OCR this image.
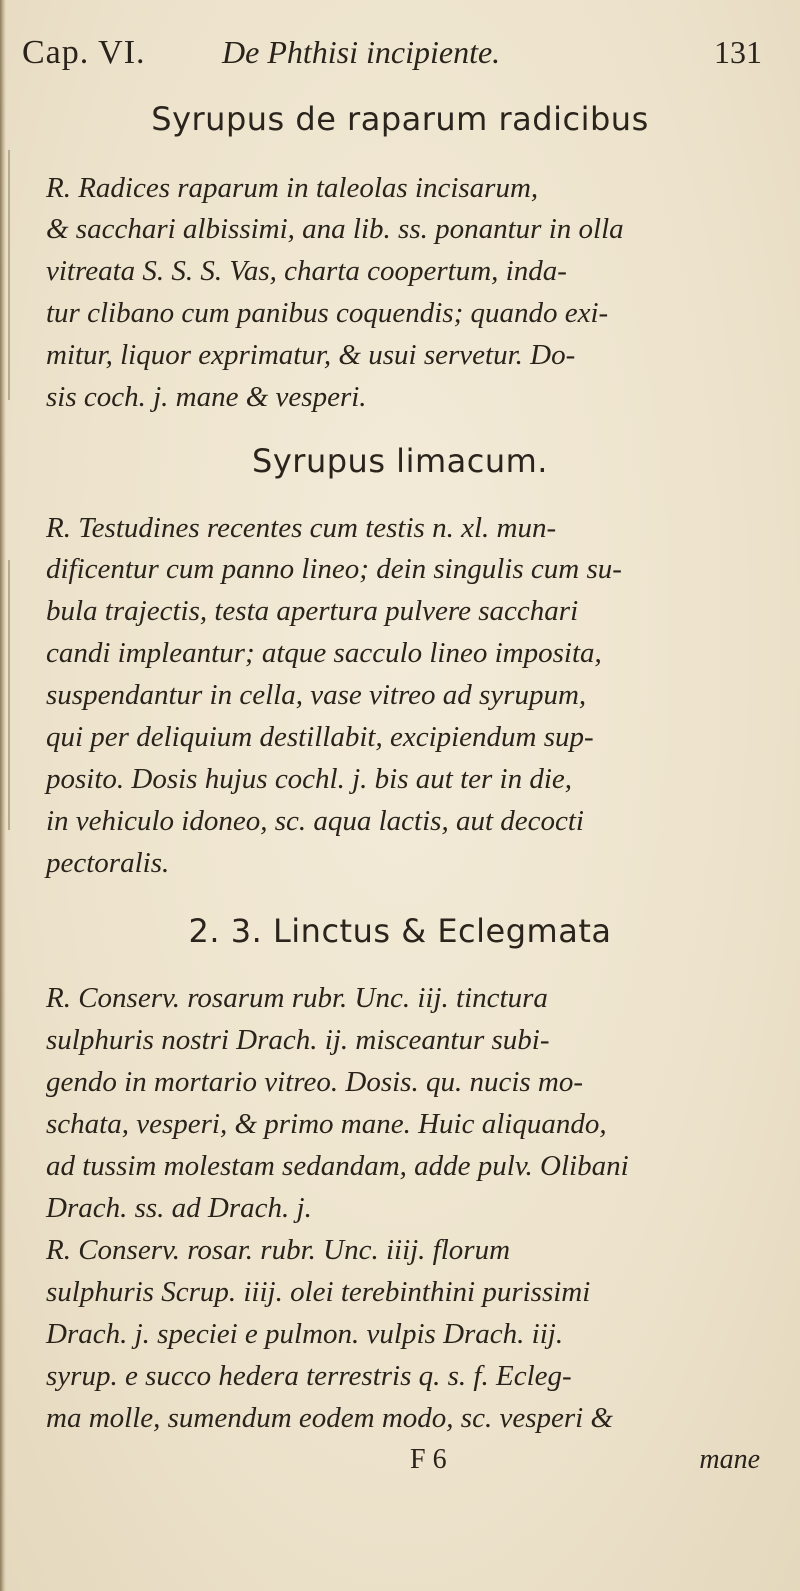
Cap. VI. De Phthisi incipiente.	131
Syrupus de raparum radicibus
R. Radices raparum in taleolas incisarum,
& sacchari albissimi, ana lib. ss. ponantur in olla
vitreata S. S. S. Vas, charta coopertum, inda-
tur clibano cum panibus coquendis; quando exi-
mitur, liquor exprimatur, & usui servetur. Do-
sis coch. j. mane & vesperi.
Syrupus limacum.
R. Testudines recentes cum testis n. xl. mun-
dificentur cum panno lineo; dein singulis cum su-
bula trajectis, testa apertura pulvere sacchari
candi impleantur; atque sacculo lineo imposita,
suspendantur in cella, vase vitreo ad syrupum,
qui per deliquium destillabit, excipiendum sup-
posito. Dosis hujus cochl. j. bis aut ter in die,
in vehiculo idoneo, sc. aqua lactis, aut decocti
pectoralis.
2. 3. Linctus & Eclegmata
R. Conserv. rosarum rubr. Unc. iij. tinctura
sulphuris nostri Drach. ij. misceantur subi-
gendo in mortario vitreo. Dosis. qu. nucis mo-
schata, vesperi, & primo mane. Huic aliquando,
ad tussim molestam sedandam, adde pulv. Olibani
Drach. ss. ad Drach. j.
R. Conserv. rosar. rubr. Unc. iiij. florum
sulphuris Scrup. iiij. olei terebinthini purissimi
Drach. j. speciei e pulmon. vulpis Drach. iij.
syrup. e succo hedera terrestris q. s. f. Ecleg-
ma molle, sumendum eodem modo, sc. vesperi &
F 6	mane
